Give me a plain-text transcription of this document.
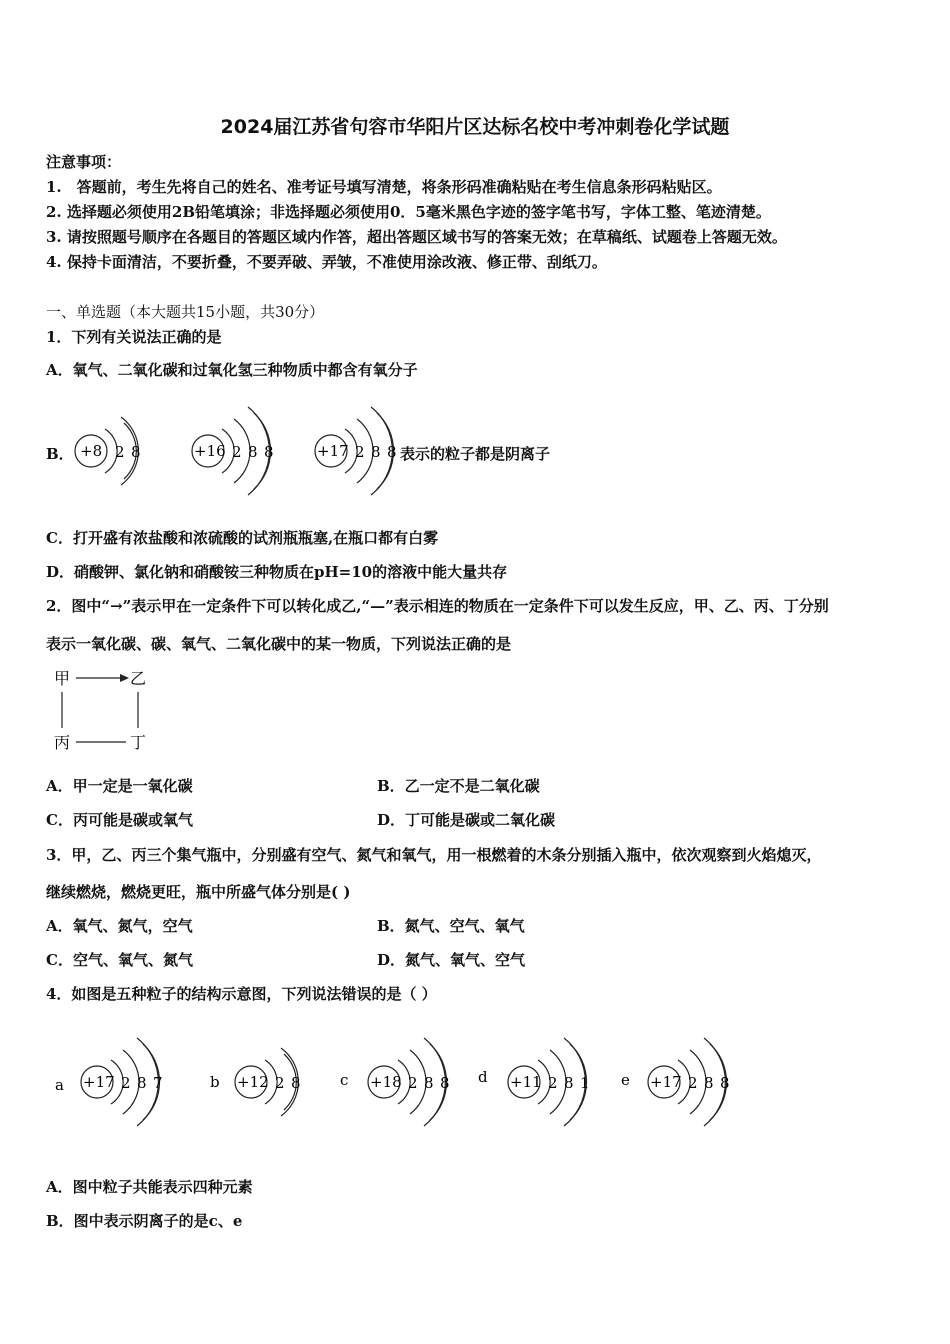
2024届江苏省句容市华阳片区达标名校中考冲刺卷化学试题
注意事项：
1.　答题前，考生先将自己的姓名、准考证号填写清楚，将条形码准确粘贴在考生信息条形码粘贴区。
2. 选择题必须使用2B铅笔填涂；非选择题必须使用0．5毫米黑色字迹的签字笔书写，字体工整、笔迹清楚。
3. 请按照题号顺序在各题目的答题区域内作答，超出答题区域书写的答案无效；在草稿纸、试题卷上答题无效。
4. 保持卡面清洁，不要折叠，不要弄破、弄皱，不准使用涂改液、修正带、刮纸刀。
一、单选题（本大题共15小题，共30分）
1．下列有关说法正确的是
A．氧气、二氧化碳和过氧化氢三种物质中都含有氧分子
B． +8 2 8	+16 2 8 8	+17 2 8 8 表示的粒子都是阴离子
C．打开盛有浓盐酸和浓硫酸的试剂瓶瓶塞,在瓶口都有白雾
D．硝酸钾、氯化钠和硝酸铵三种物质在pH=10的溶液中能大量共存
2．图中“→”表示甲在一定条件下可以转化成乙,“—”表示相连的物质在一定条件下可以发生反应，甲、乙、丙、丁分别
表示一氧化碳、碳、氧气、二氧化碳中的某一物质，下列说法正确的是
甲	乙
丙	丁
A．甲一定是一氧化碳	B．乙一定不是二氧化碳
C．丙可能是碳或氧气	D．丁可能是碳或二氧化碳
3．甲，乙、丙三个集气瓶中，分别盛有空气、氮气和氧气，用一根燃着的木条分别插入瓶中，依次观察到火焰熄灭，
继续燃烧，燃烧更旺，瓶中所盛气体分别是( )
A．氧气、氮气，空气	B．氮气、空气、氧气
C．空气、氧气、氮气	D．氮气、氧气、空气
4．如图是五种粒子的结构示意图，下列说法错误的是（ ）
a +17 2 8 7	b +12 2 8	c +18 2 8 8 d +11 2 8 1 e +17 2 8 8
A．图中粒子共能表示四种元素
B．图中表示阴离子的是c、e
